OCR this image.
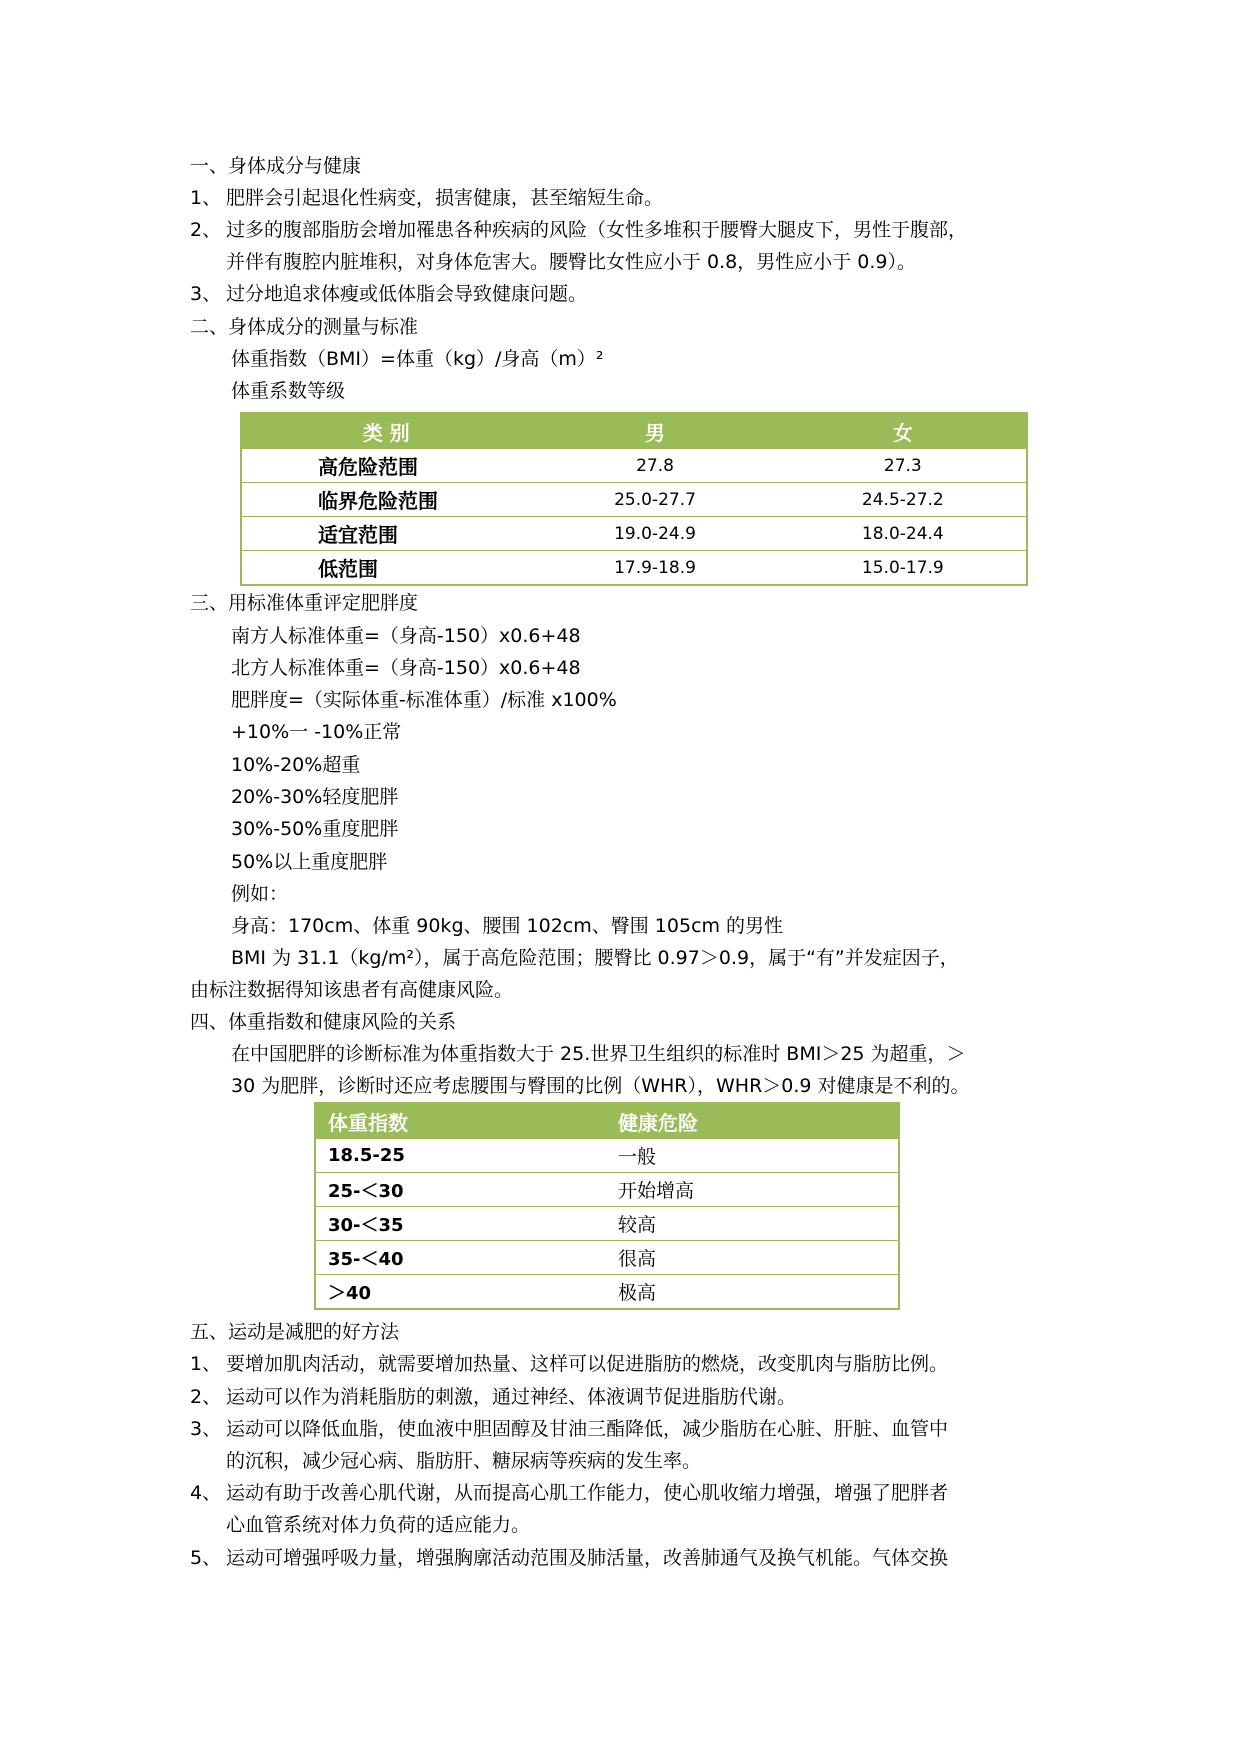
一、身体成分与健康
1、 肥胖会引起退化性病变，损害健康，甚至缩短生命。
2、 过多的腹部脂肪会增加罹患各种疾病的风险（女性多堆积于腰臀大腿皮下，男性于腹部，
并伴有腹腔内脏堆积，对身体危害大。腰臀比女性应小于 0.8，男性应小于 0.9）。
3、 过分地追求体瘦或低体脂会导致健康问题。
二、身体成分的测量与标准
体重指数（BMI）=体重（kg）/身高（m）²
体重系数等级
类 别	男	女
高危险范围	27.8	27.3
临界危险范围	25.0-27.7	24.5-27.2
适宜范围	19.0-24.9	18.0-24.4
低范围	17.9-18.9	15.0-17.9
三、用标准体重评定肥胖度
南方人标准体重=（身高-150）x0.6+48
北方人标准体重=（身高-150）x0.6+48
肥胖度=（实际体重-标准体重）/标准 x100%
+10%一 -10%正常
10%-20%超重
20%-30%轻度肥胖
30%-50%重度肥胖
50%以上重度肥胖
例如：
身高：170cm、体重 90kg、腰围 102cm、臀围 105cm 的男性
BMI 为 31.1（kg/m²），属于高危险范围；腰臀比 0.97＞0.9，属于“有”并发症因子，
由标注数据得知该患者有高健康风险。
四、体重指数和健康风险的关系
在中国肥胖的诊断标准为体重指数大于 25.世界卫生组织的标准时 BMI＞25 为超重，＞
30 为肥胖，诊断时还应考虑腰围与臀围的比例（WHR），WHR＞0.9 对健康是不利的。
体重指数	健康危险
18.5-25	一般
25-＜30	开始增高
30-＜35	较高
35-＜40	很高
＞40	极高
五、运动是减肥的好方法
1、 要增加肌肉活动，就需要增加热量、这样可以促进脂肪的燃烧，改变肌肉与脂肪比例。
2、 运动可以作为消耗脂肪的刺激，通过神经、体液调节促进脂肪代谢。
3、 运动可以降低血脂，使血液中胆固醇及甘油三酯降低，减少脂肪在心脏、肝脏、血管中
的沉积，减少冠心病、脂肪肝、糖尿病等疾病的发生率。
4、 运动有助于改善心肌代谢，从而提高心肌工作能力，使心肌收缩力增强，增强了肥胖者
心血管系统对体力负荷的适应能力。
5、 运动可增强呼吸力量，增强胸廓活动范围及肺活量，改善肺通气及换气机能。气体交换
